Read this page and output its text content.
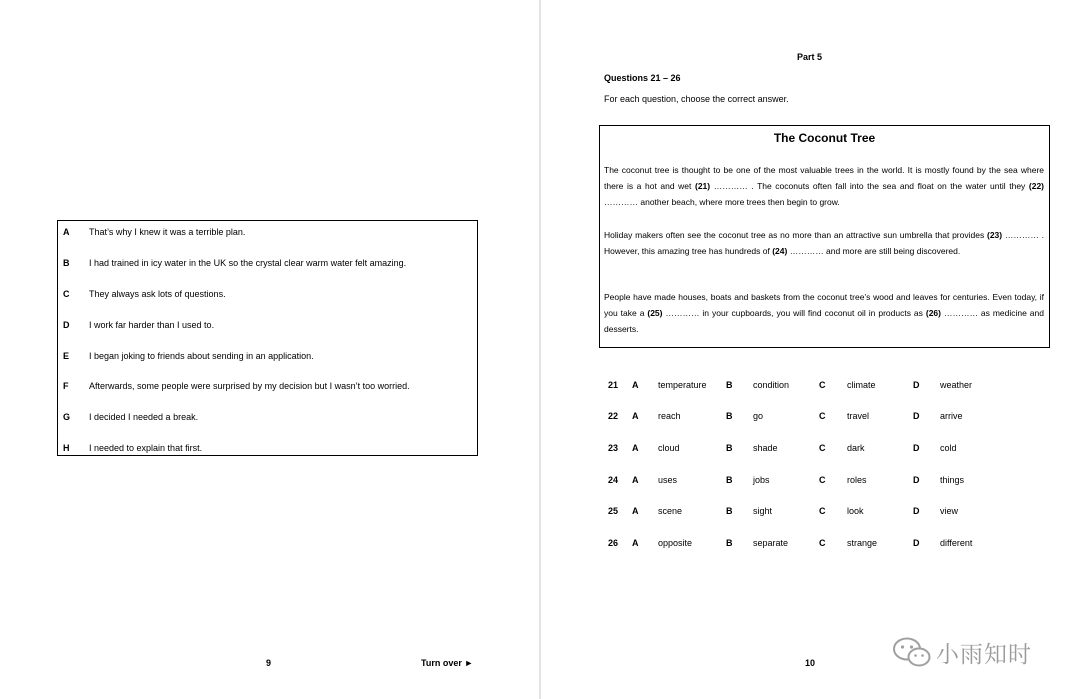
A That’s why I knew it was a terrible plan.
B I had trained in icy water in the UK so the crystal clear warm water felt amazing.
C They always ask lots of questions.
D I work far harder than I used to.
E I began joking to friends about sending in an application.
F Afterwards, some people were surprised by my decision but I wasn’t too worried.
G I decided I needed a break.
H I needed to explain that first.
9	Turn over ►
Part 5
Questions 21 – 26
For each question, choose the correct answer.
The Coconut Tree
The coconut tree is thought to be one of the most valuable trees in the world. It is mostly found by the sea where there is a hot and wet (21) ………… . The coconuts often fall into the sea and float on the water until they (22) ………… another beach, where more trees then begin to grow.
Holiday makers often see the coconut tree as no more than an attractive sun umbrella that provides (23) ………… . However, this amazing tree has hundreds of (24) ………… and more are still being discovered.
People have made houses, boats and baskets from the coconut tree’s wood and leaves for centuries. Even today, if you take a (25) ………… in your cupboards, you will find coconut oil in products as (26) ………… as medicine and desserts.
21 A temperature B condition	C climate	D weather
22 A reach	B go	C travel	D arrive
23 A cloud	B shade	C dark	D cold
24 A uses	B jobs	C roles	D things
25 A scene	B sight	C look	D view
26 A opposite	B separate	C strange	D different
10	小雨知时
